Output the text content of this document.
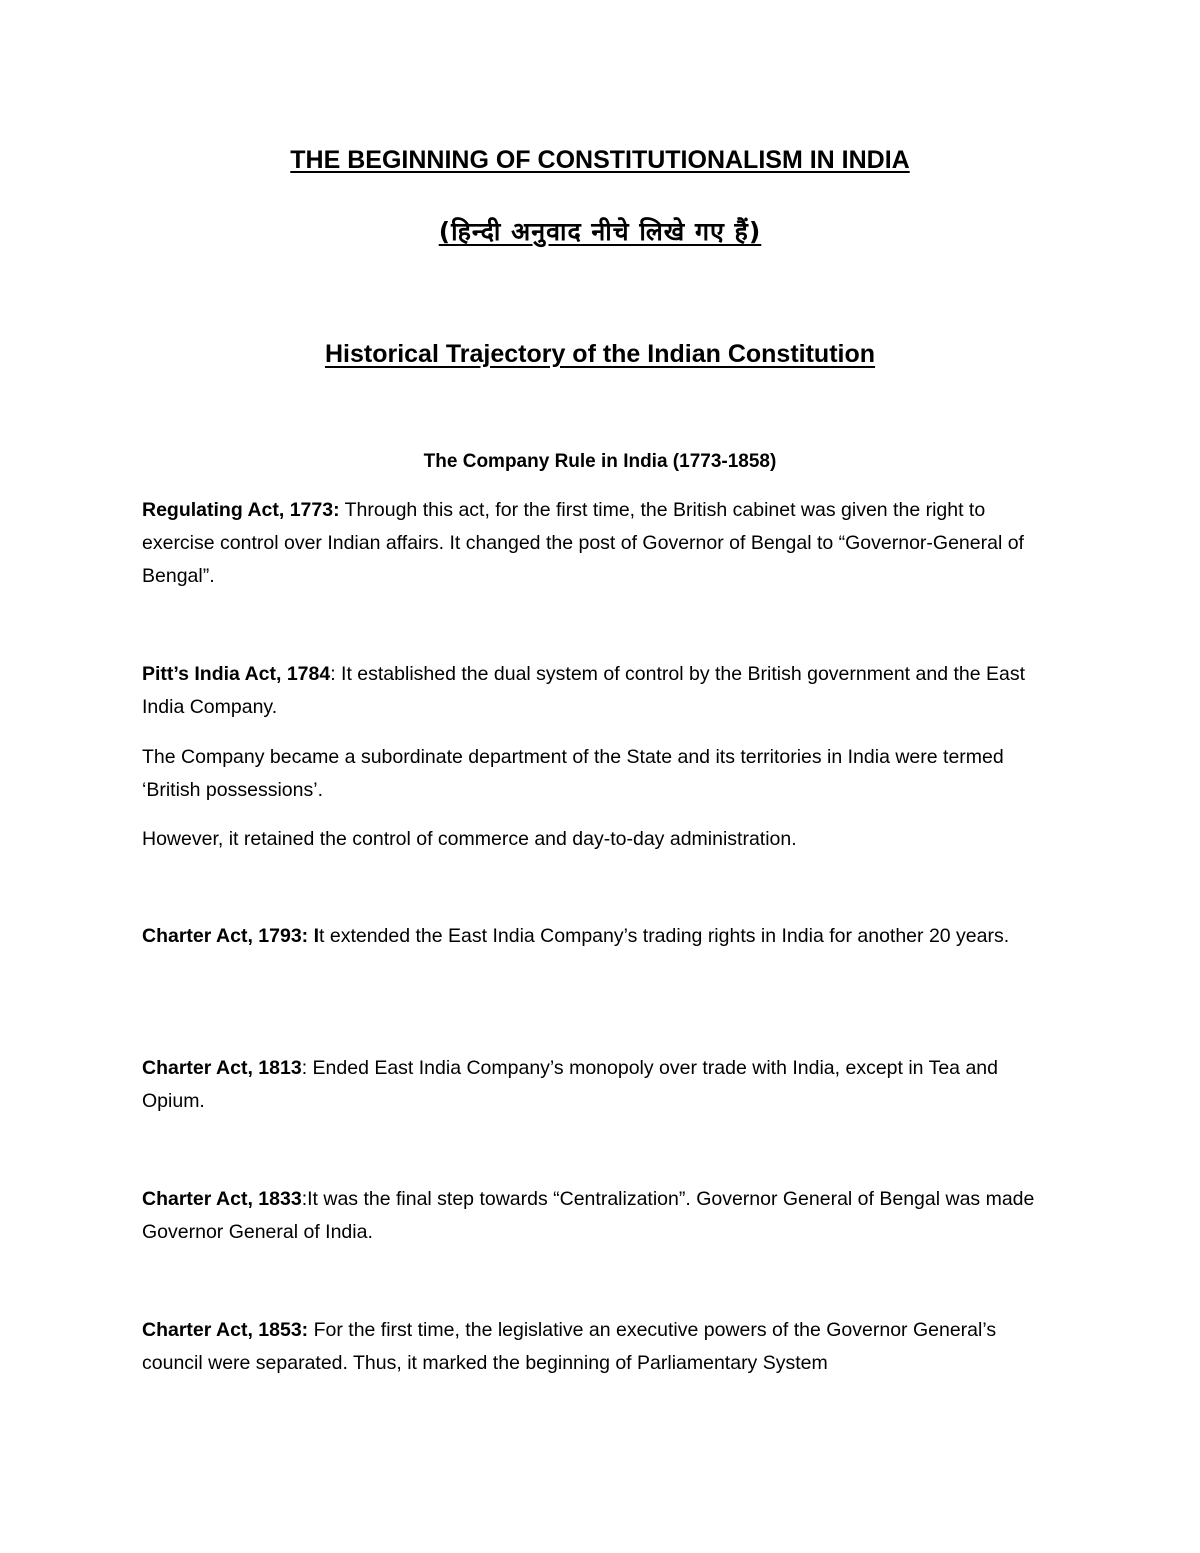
THE BEGINNING OF CONSTITUTIONALISM IN INDIA
(हिन्दी अनुवाद नीचे लिखे गए हैं)
Historical Trajectory of the Indian Constitution
The Company Rule in India (1773-1858)

Regulating Act, 1773: Through this act, for the first time, the British cabinet was given the right to exercise control over Indian affairs. It changed the post of Governor of Bengal to “Governor-General of Bengal”.

Pitt’s India Act, 1784: It established the dual system of control by the British government and the East India Company.

The Company became a subordinate department of the State and its territories in India were termed ‘British possessions’.

However, it retained the control of commerce and day-to-day administration.

Charter Act, 1793: It extended the East India Company’s trading rights in India for another 20 years.

Charter Act, 1813: Ended East India Company’s monopoly over trade with India, except in Tea and Opium.

Charter Act, 1833:It was the final step towards “Centralization”. Governor General of Bengal was made Governor General of India.

Charter Act, 1853: For the first time, the legislative an executive powers of the Governor General’s council were separated. Thus, it marked the beginning of Parliamentary System
